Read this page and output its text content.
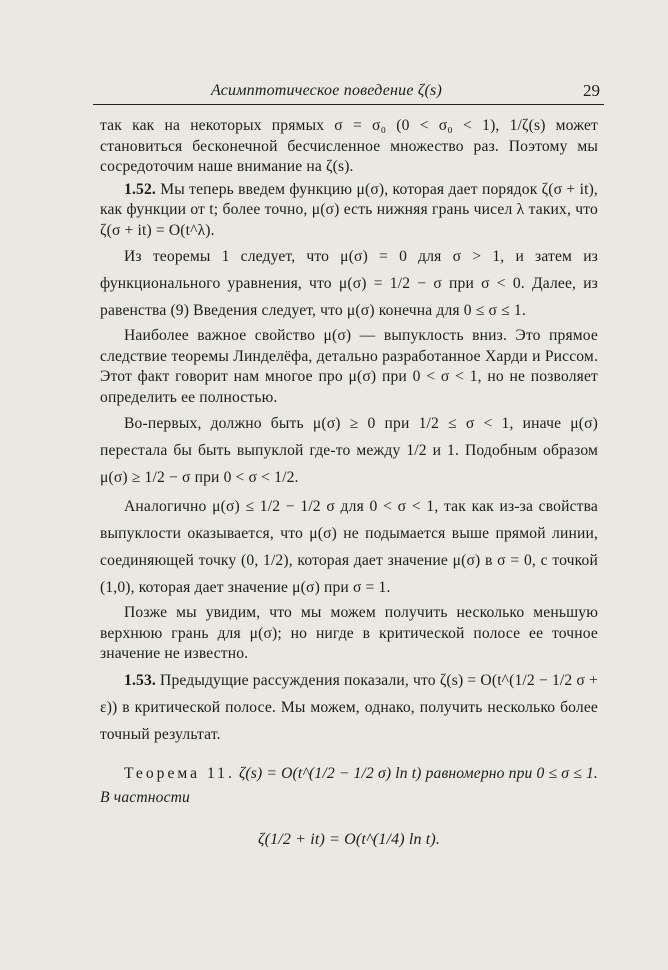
Асимптотическое поведение ζ(s)	29

так как на некоторых прямых σ = σ₀ (0 < σ₀ < 1), 1/ζ(s) может становиться бесконечной бесчисленное множество раз. Поэтому мы сосредоточим наше внимание на ζ(s).

1.52. Мы теперь введем функцию μ(σ), которая дает порядок ζ(σ + it), как функции от t; более точно, μ(σ) есть нижняя грань чисел λ таких, что ζ(σ + it) = O(t^λ).

Из теоремы 1 следует, что μ(σ) = 0 для σ > 1, и затем из функционального уравнения, что μ(σ) = 1/2 − σ при σ < 0. Далее, из равенства (9) Введения следует, что μ(σ) конечна для 0 ≤ σ ≤ 1.

Наиболее важное свойство μ(σ) — выпуклость вниз. Это прямое следствие теоремы Линделёфа, детально разработанное Харди и Риссом. Этот факт говорит нам многое про μ(σ) при 0 < σ < 1, но не позволяет определить ее полностью.

Во-первых, должно быть μ(σ) ≥ 0 при 1/2 ≤ σ < 1, иначе μ(σ) перестала бы быть выпуклой где-то между 1/2 и 1. Подобным образом μ(σ) ≥ 1/2 − σ при 0 < σ < 1/2.

Аналогично μ(σ) ≤ 1/2 − 1/2 σ для 0 < σ < 1, так как из-за свойства выпуклости оказывается, что μ(σ) не подымается выше прямой линии, соединяющей точку (0, 1/2), которая дает значение μ(σ) в σ = 0, с точкой (1,0), которая дает значение μ(σ) при σ = 1.

Позже мы увидим, что мы можем получить несколько меньшую верхнюю грань для μ(σ); но нигде в критической полосе ее точное значение не известно.

1.53. Предыдущие рассуждения показали, что ζ(s) = O(t^(1/2 − 1/2 σ + ε)) в критической полосе. Мы можем, однако, получить несколько более точный результат.

Теорема 11. ζ(s) = O(t^(1/2 − 1/2 σ) ln t) равномерно при 0 ≤ σ ≤ 1. В частности

ζ(1/2 + it) = O(t^(1/4) ln t).
